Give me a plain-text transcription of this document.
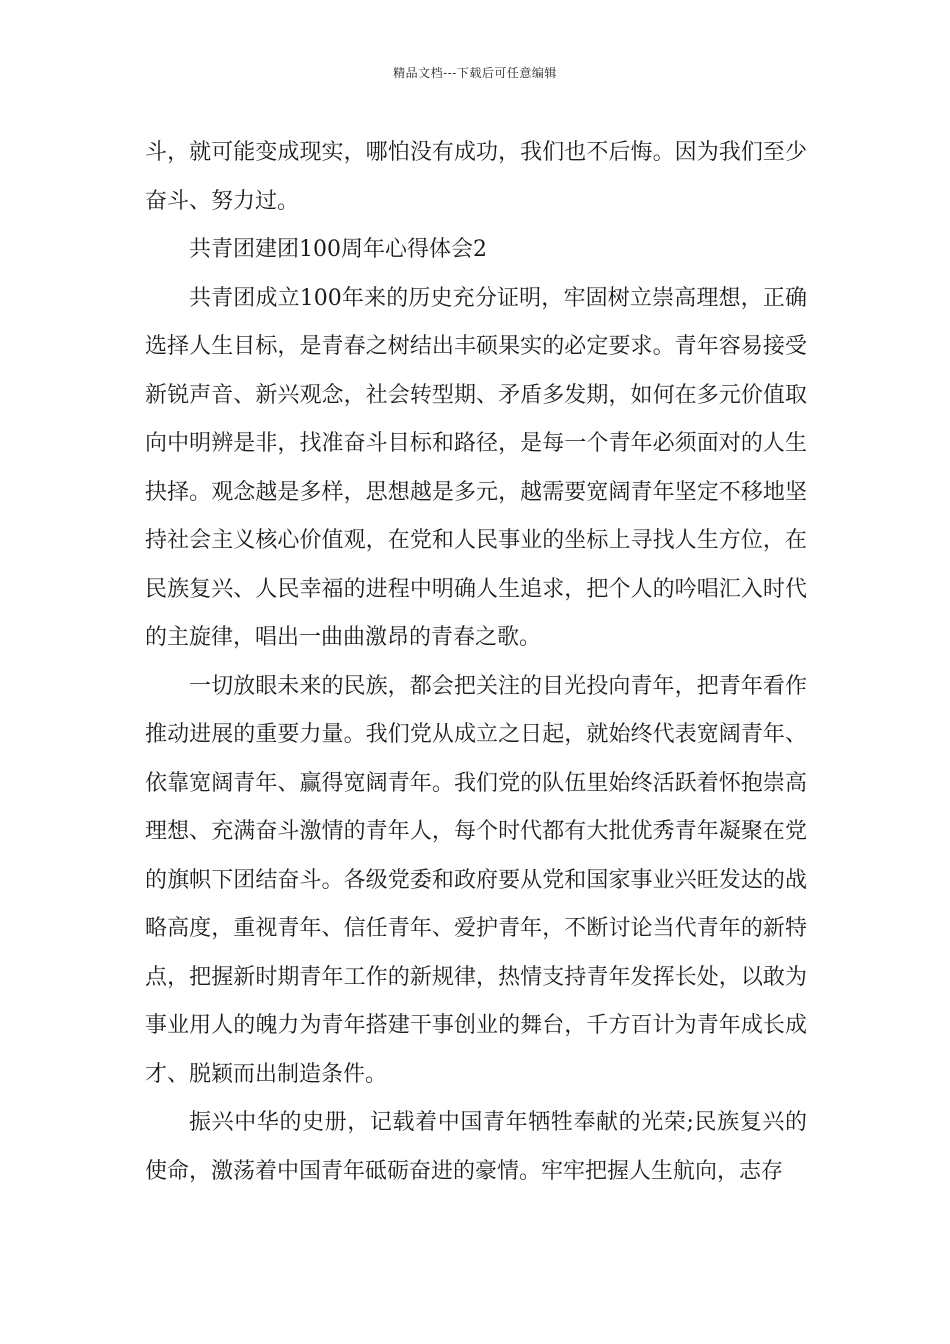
精品文档---下载后可任意编辑

斗，就可能变成现实，哪怕没有成功，我们也不后悔。因为我们至少奋斗、努力过。

共青团建团100周年心得体会2

共青团成立100年来的历史充分证明，牢固树立崇高理想，正确选择人生目标，是青春之树结出丰硕果实的必定要求。青年容易接受新锐声音、新兴观念，社会转型期、矛盾多发期，如何在多元价值取向中明辨是非，找准奋斗目标和路径，是每一个青年必须面对的人生抉择。观念越是多样，思想越是多元，越需要宽阔青年坚定不移地坚持社会主义核心价值观，在党和人民事业的坐标上寻找人生方位，在民族复兴、人民幸福的进程中明确人生追求，把个人的吟唱汇入时代的主旋律，唱出一曲曲激昂的青春之歌。

一切放眼未来的民族，都会把关注的目光投向青年，把青年看作推动进展的重要力量。我们党从成立之日起，就始终代表宽阔青年、依靠宽阔青年、赢得宽阔青年。我们党的队伍里始终活跃着怀抱崇高理想、充满奋斗激情的青年人，每个时代都有大批优秀青年凝聚在党的旗帜下团结奋斗。各级党委和政府要从党和国家事业兴旺发达的战略高度，重视青年、信任青年、爱护青年，不断讨论当代青年的新特点，把握新时期青年工作的新规律，热情支持青年发挥长处，以敢为事业用人的魄力为青年搭建干事创业的舞台，千方百计为青年成长成才、脱颖而出制造条件。

振兴中华的史册，记载着中国青年牺牲奉献的光荣;民族复兴的使命，激荡着中国青年砥砺奋进的豪情。牢牢把握人生航向，志存
